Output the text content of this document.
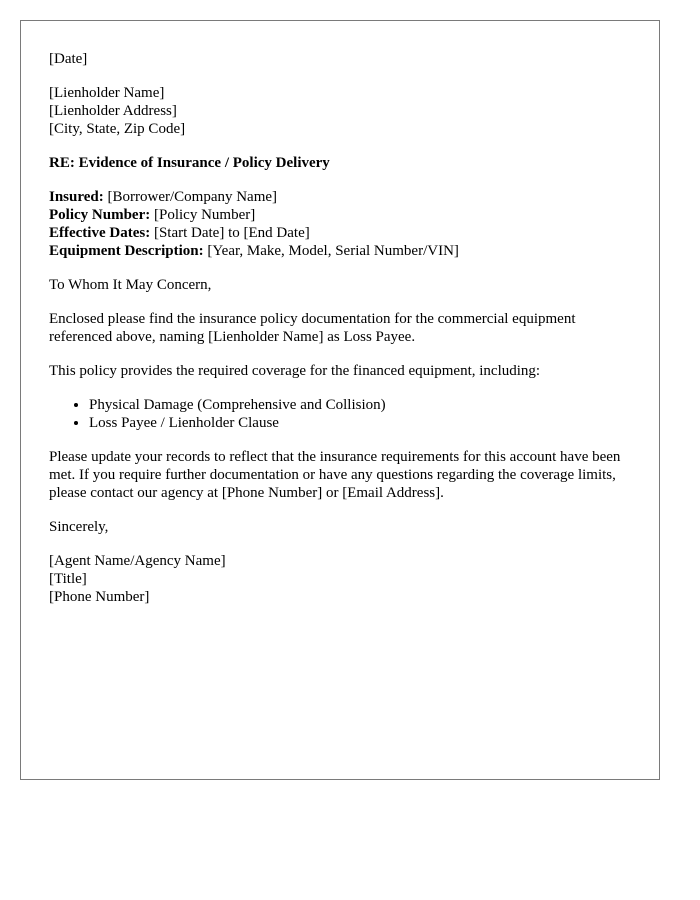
[Date]

[Lienholder Name]
[Lienholder Address]
[City, State, Zip Code]

RE: Evidence of Insurance / Policy Delivery

Insured: [Borrower/Company Name]
Policy Number: [Policy Number]
Effective Dates: [Start Date] to [End Date]
Equipment Description: [Year, Make, Model, Serial Number/VIN]

To Whom It May Concern,

Enclosed please find the insurance policy documentation for the commercial equipment referenced above, naming [Lienholder Name] as Loss Payee.

This policy provides the required coverage for the financed equipment, including:

• Physical Damage (Comprehensive and Collision)
• Loss Payee / Lienholder Clause

Please update your records to reflect that the insurance requirements for this account have been met. If you require further documentation or have any questions regarding the coverage limits, please contact our agency at [Phone Number] or [Email Address].

Sincerely,

[Agent Name/Agency Name]
[Title]
[Phone Number]
